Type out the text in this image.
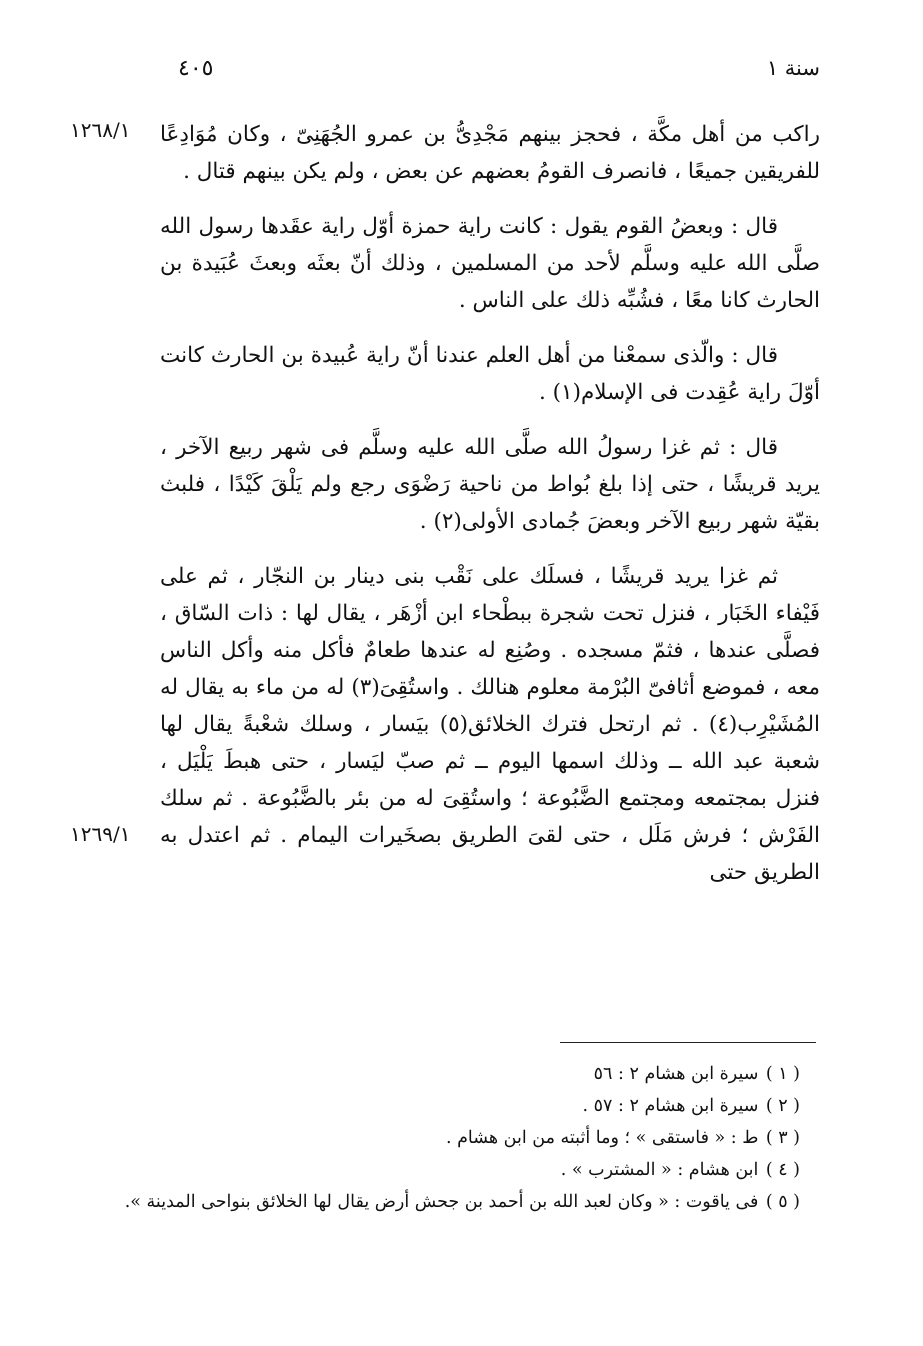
سنة ١
٤٠٥
١٢٦٨/١
١٢٦٩/١

راكب من أهل مكَّة ، فحجز بينهم مَجْدِىُّ بن عمرو الجُهَنِىّ ، وكان مُوَادِعًا للفريقين جميعًا ، فانصرف القومُ بعضهم عن بعض ، ولم يكن بينهم قتال .

قال : وبعضُ القوم يقول : كانت راية حمزة أوّل راية عقَدها رسول الله صلَّى الله عليه وسلَّم لأحد من المسلمين ، وذلك أنّ بعثَه وبعثَ عُبَيدة بن الحارث كانا معًا ، فشُبِّه ذلك على الناس .

قال : والّذى سمعْنا من أهل العلم عندنا أنّ راية عُبيدة بن الحارث كانت أوّلَ راية عُقِدت فى الإسلام(١) .

قال : ثم غزا رسولُ الله صلَّى الله عليه وسلَّم فى شهر ربيع الآخر ، يريد قريشًا ، حتى إذا بلغ بُواط من ناحية رَضْوَى رجع ولم يَلْقَ كَيْدًا ، فلبث بقيّة شهر ربيع الآخر وبعضَ جُمادى الأولى(٢) .

ثم غزا يريد قريشًا ، فسلَك على نَقْب بنى دينار بن النجّار ، ثم على فَيْفاء الخَبَار ، فنزل تحت شجرة ببطْحاء ابن أزْهَر ، يقال لها : ذات السّاق ، فصلَّى عندها ، فثمّ مسجده . وصُنِع له عندها طعامٌ فأكل منه وأكل الناس معه ، فموضع أثافىّ البُرْمة معلوم هنالك . واستُقِىَ(٣) له من ماء به يقال له المُشَيْرِب(٤) . ثم ارتحل فترك الخلائق(٥) بيَسار ، وسلك شعْبةً يقال لها شعبة عبد الله ــ وذلك اسمها اليوم ــ ثم صبّ ليَسار ، حتى هبطَ يَلْيَل ، فنزل بمجتمعه ومجتمع الضَّبُوعة ؛ واستُقِىَ له من بئر بالضَّبُوعة . ثم سلك الفَرْش ؛ فرش مَلَل ، حتى لقىَ الطريق بصخَيرات اليمام . ثم اعتدل به الطريق حتى

( ١ ) سيرة ابن هشام ٢ : ٥٦

( ٢ ) سيرة ابن هشام ٢ : ٥٧ .

( ٣ ) ط : « فاستقى » ؛ وما أثبته من ابن هشام .

( ٤ ) ابن هشام : « المشترب » .

( ٥ ) فى ياقوت : « وكان لعبد الله بن أحمد بن جحش أرض يقال لها الخلائق بنواحى المدينة ».
